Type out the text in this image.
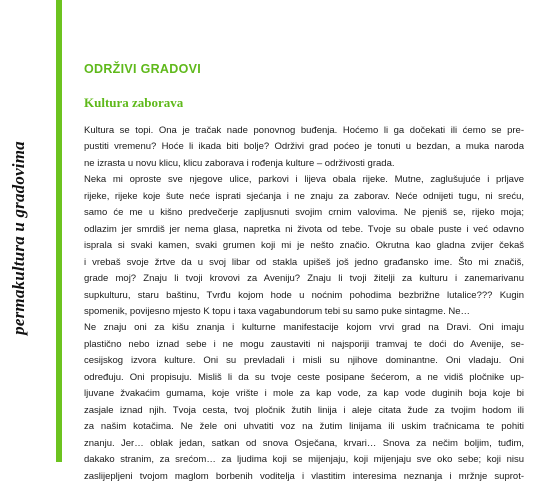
permakultura u gradovima
ODRŽIVI GRADOVI
Kultura zaborava
Kultura se topi. Ona je tračak nade ponovnog buđenja. Hoćemo li ga dočekati ili ćemo se pre-
pustiti vremenu? Hoće li ikada biti bolje? Održivi grad poćeo je tonuti u bezdan, a muka naroda
ne izrasta u novu klicu, klicu zaborava i rođenja kulture – održivosti grada.
Neka mi oproste sve njegove ulice, parkovi i lijeva obala rijeke. Mutne, zaglušujuće i prljave
rijeke, rijeke koje šute neće isprati sjećanja i ne znaju za zaborav. Neće odnijeti tugu, ni sreću,
samo će me u kišno predvečerje zapljusnuti svojim crnim valovima. Ne pjeniš se, rijeko moja;
odlazim jer smrdiš jer nema glasa, napretka ni života od tebe. Tvoje su obale puste i već odavno
isprala si svaki kamen, svaki grumen koji mi je nešto značio. Okrutna kao gladna zvijer čekaš
i vrebaš svoje žrtve da u svoj libar od stakla upišeš još jedno građansko ime. Što mi značiš,
grade moj? Znaju li tvoji krovovi za Aveniju? Znaju li tvoji žitelji za kulturu i zanemarivanu
supkulturu, staru baštinu, Tvrđu kojom hode u noćnim pohodima bezbrižne lutalice??? Kugin
spomenik, povijesno mjesto K topu i taxa vagabundorum tebi su samo puke sintagme. Ne…
Ne znaju oni za kišu znanja i kulturne manifestacije kojom vrvi grad na Dravi. Oni imaju
plastično nebo iznad sebe i ne mogu zaustaviti ni najsporiji tramvaj te doći do Avenije, se-
cesijskog izvora kulture. Oni su prevladali i misli su njihove dominantne. Oni vladaju. Oni
određuju. Oni propisuju. Misliš li da su tvoje ceste posipane šećerom, a ne vidiš pločnike up-
ljuvane žvakaćim gumama, koje vrište i mole za kap vode, za kap vode duginih boja koje bi
zasjale iznad njih. Tvoja cesta, tvoj pločnik žutih linija i aleje citata žude za tvojim hodom ili
za našim kotačima. Ne žele oni uhvatiti voz na žutim linijama ili uskim tračnicama te pohiti
znanju. Jer… oblak jedan, satkan od snova Osječana, krvari… Snova za nečim boljim, tuđim,
dakako stranim, za srećom… za ljudima koji se mijenjaju, koji mijenjaju sve oko sebe; koji nisu
zaslijepljeni tvojom maglom borbenih voditelja i vlastitim interesima neznanja i mržnje suprot-
